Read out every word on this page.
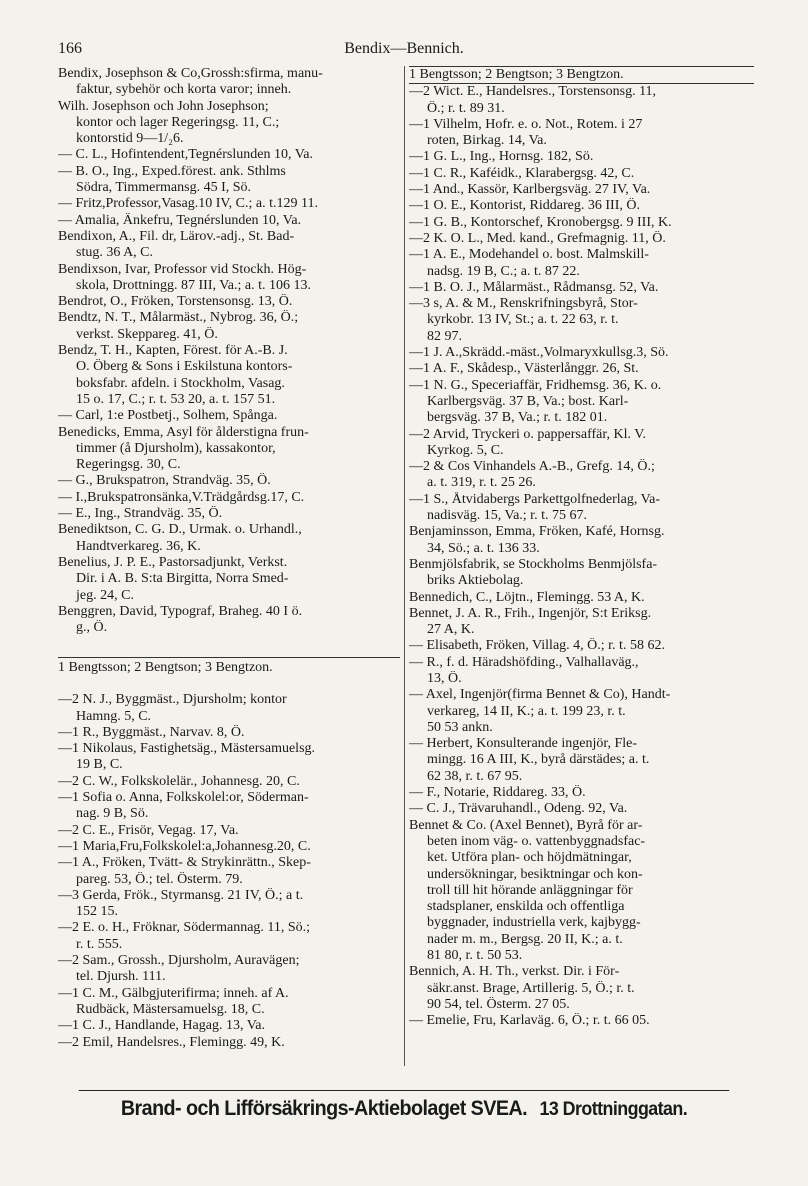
166	Bendix—Bennich.
Bendix, Josephson & Co,Grossh:sfirma, manu-
faktur, sybehör och korta varor; inneh.
Wilh. Josephson och John Josephson;
kontor och lager Regeringsg. 11, C.;
kontorstid 9—1/₂6.
— C. L., Hofintendent,Tegnérslunden 10, Va.
— B. O., Ing., Exped.förest. ank. Sthlms
Södra, Timmermansg. 45 I, Sö.
— Fritz,Professor,Vasag.10 IV, C.; a. t.129 11.
— Amalia, Änkefru, Tegnérslunden 10, Va.
Bendixon, A., Fil. dr, Lärov.-adj., St. Bad-
stug. 36 A, C.
Bendixson, Ivar, Professor vid Stockh. Hög-
skola, Drottningg. 87 III, Va.; a. t. 106 13.
Bendrot, O., Fröken, Torstensonsg. 13, Ö.
Bendtz, N. T., Målarmäst., Nybrog. 36, Ö.;
verkst. Skeppareg. 41, Ö.
Bendz, T. H., Kapten, Förest. för A.-B. J.
O. Öberg & Sons i Eskilstuna kontors-
boksfabr. afdeln. i Stockholm, Vasag.
15 o. 17, C.; r. t. 53 20, a. t. 157 51.
— Carl, 1:e Postbetj., Solhem, Spånga.
Benedicks, Emma, Asyl för ålderstigna frun-
timmer (å Djursholm), kassakontor,
Regeringsg. 30, C.
— G., Brukspatron, Strandväg. 35, Ö.
— I.,Brukspatronsänka,V.Trädgårdsg.17, C.
— E., Ing., Strandväg. 35, Ö.
Benediktson, C. G. D., Urmak. o. Urhandl.,
Handtverkareg. 36, K.
Benelius, J. P. E., Pastorsadjunkt, Verkst.
Dir. i A. B. S:ta Birgitta, Norra Smed-
jeg. 24, C.
Benggren, David, Typograf, Braheg. 40 I ö.
g., Ö.
1 Bengtsson; 2 Bengtson; 3 Bengtzon.
—2 N. J., Byggmäst., Djursholm; kontor
Hamng. 5, C.
—1 R., Byggmäst., Narvav. 8, Ö.
—1 Nikolaus, Fastighetsäg., Mästersamuelsg.
19 B, C.
—2 C. W., Folkskolelär., Johannesg. 20, C.
—1 Sofia o. Anna, Folkskolel:or, Söderman-
nag. 9 B, Sö.
—2 C. E., Frisör, Vegag. 17, Va.
—1 Maria,Fru,Folkskolel:a,Johannesg.20, C.
—1 A., Fröken, Tvätt- & Strykinrättn., Skep-
pareg. 53, Ö.; tel. Österm. 79.
—3 Gerda, Frök., Styrmansg. 21 IV, Ö.; a t.
152 15.
—2 E. o. H., Fröknar, Södermannag. 11, Sö.;
r. t. 555.
—2 Sam., Grossh., Djursholm, Auravägen;
tel. Djursh. 111.
—1 C. M., Gälbgjuterifirma; inneh. af A.
Rudbäck, Mästersamuelsg. 18, C.
—1 C. J., Handlande, Hagag. 13, Va.
—2 Emil, Handelsres., Flemingg. 49, K.
1 Bengtsson; 2 Bengtson; 3 Bengtzon.
—2 Wict. E., Handelsres., Torstensonsg. 11,
Ö.; r. t. 89 31.
—1 Vilhelm, Hofr. e. o. Not., Rotem. i 27
roten, Birkag. 14, Va.
—1 G. L., Ing., Hornsg. 182, Sö.
—1 C. R., Kaféidk., Klarabergsg. 42, C.
—1 And., Kassör, Karlbergsväg. 27 IV, Va.
—1 O. E., Kontorist, Riddareg. 36 III, Ö.
—1 G. B., Kontorschef, Kronobergsg. 9 III, K.
—2 K. O. L., Med. kand., Grefmagnig. 11, Ö.
—1 A. E., Modehandel o. bost. Malmskill-
nadsg. 19 B, C.; a. t. 87 22.
—1 B. O. J., Målarmäst., Rådmansg. 52, Va.
—3 s, A. & M., Renskrifningsbyrå, Stor-
kyrkobr. 13 IV, St.; a. t. 22 63, r. t.
82 97.
—1 J. A.,Skrädd.-mäst.,Volmaryxkullsg.3, Sö.
—1 A. F., Skådesp., Västerlånggr. 26, St.
—1 N. G., Speceriaffär, Fridhemsg. 36, K. o.
Karlbergsväg. 37 B, Va.; bost. Karl-
bergsväg. 37 B, Va.; r. t. 182 01.
—2 Arvid, Tryckeri o. pappersaffär, Kl. V.
Kyrkog. 5, C.
—2 & Cos Vinhandels A.-B., Grefg. 14, Ö.;
a. t. 319, r. t. 25 26.
—1 S., Åtvidabergs Parkettgolfnederlag, Va-
nadisväg. 15, Va.; r. t. 75 67.
Benjaminsson, Emma, Fröken, Kafé, Hornsg.
34, Sö.; a. t. 136 33.
Benmjölsfabrik, se Stockholms Benmjölsfa-
briks Aktiebolag.
Bennedich, C., Löjtn., Flemingg. 53 A, K.
Bennet, J. A. R., Frih., Ingenjör, S:t Eriksg.
27 A, K.
— Elisabeth, Fröken, Villag. 4, Ö.; r. t. 58 62.
— R., f. d. Häradshöfding., Valhallaväg.,
13, Ö.
— Axel, Ingenjör(firma Bennet & Co), Handt-
verkareg, 14 II, K.; a. t. 199 23, r. t.
50 53 ankn.
— Herbert, Konsulterande ingenjör, Fle-
mingg. 16 A III, K., byrå därstädes; a. t.
62 38, r. t. 67 95.
— F., Notarie, Riddareg. 33, Ö.
— C. J., Trävaruhandl., Odeng. 92, Va.
Bennet & Co. (Axel Bennet), Byrå för ar-
beten inom väg- o. vattenbyggnadsfac-
ket. Utföra plan- och höjdmätningar,
undersökningar, besiktningar och kon-
troll till hit hörande anläggningar för
stadsplaner, enskilda och offentliga
byggnader, industriella verk, kajbygg-
nader m. m., Bergsg. 20 II, K.; a. t.
81 80, r. t. 50 53.
Bennich, A. H. Th., verkst. Dir. i För-
säkr.anst. Brage, Artillerig. 5, Ö.; r. t.
90 54, tel. Österm. 27 05.
— Emelie, Fru, Karlaväg. 6, Ö.; r. t. 66 05.
Brand- och Lifförsäkrings-Aktiebolaget SVEA. 13 Drottninggatan.
